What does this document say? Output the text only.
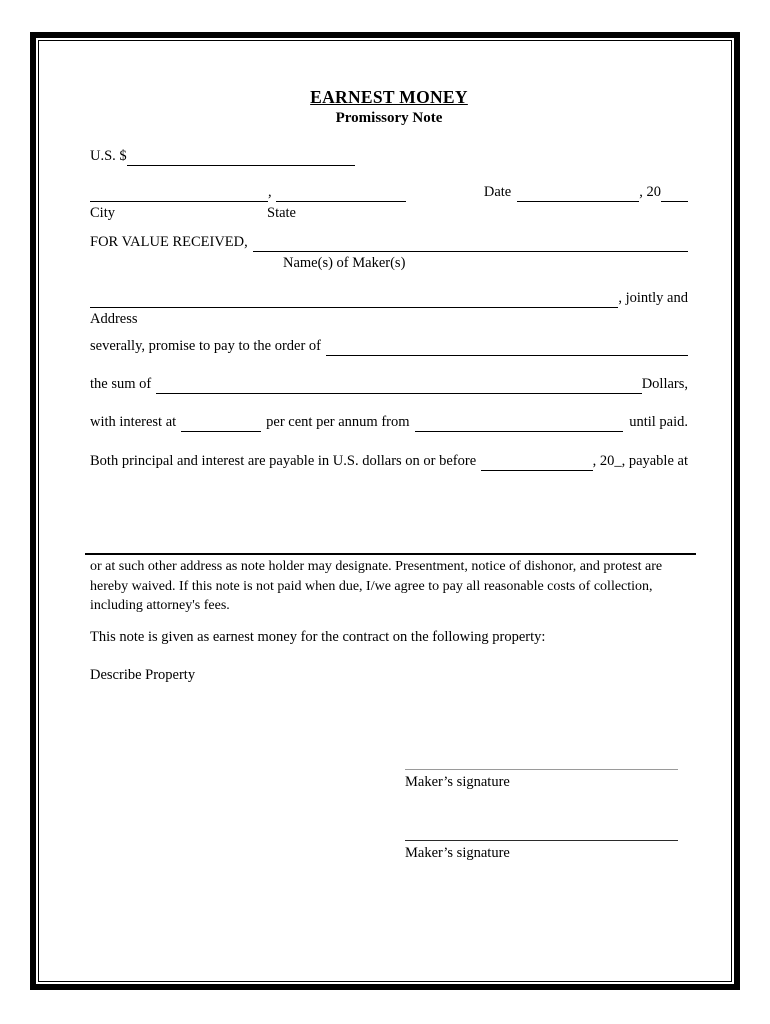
EARNEST MONEY
Promissory Note
U.S. $
,	Date	, 20
City	State
FOR VALUE RECEIVED,
Name(s) of Maker(s)
, jointly and
Address
severally, promise to pay to the order of
the sum of	Dollars,
with interest at	per cent per annum from	until paid.
Both principal and interest are payable in U.S. dollars on or before	, 20_, payable at
or at such other address as note holder may designate. Presentment, notice of dishonor, and protest are hereby waived. If this note is not paid when due, I/we agree to pay all reasonable costs of collection, including attorney's fees.
This note is given as earnest money for the contract on the following property:
Describe Property
Maker’s signature
Maker’s signature
